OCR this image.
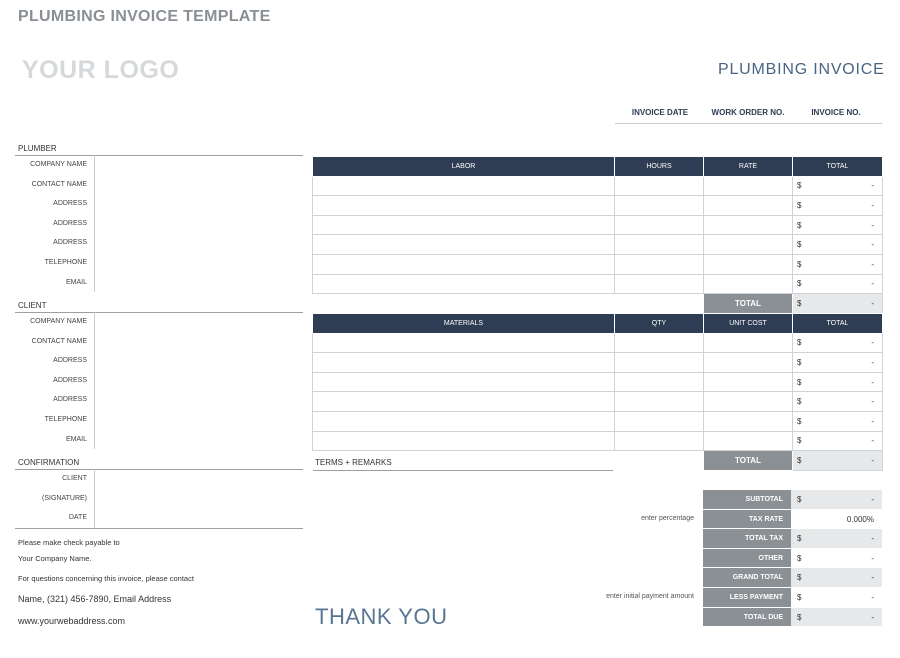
PLUMBING INVOICE TEMPLATE
YOUR LOGO	PLUMBING INVOICE
INVOICE DATE	WORK ORDER NO.	INVOICE NO.
PLUMBER
COMPANY NAME
CONTACT NAME
ADDRESS
ADDRESS
ADDRESS
TELEPHONE
EMAIL
CLIENT
COMPANY NAME
CONTACT NAME
ADDRESS
ADDRESS
ADDRESS
TELEPHONE
EMAIL
CONFIRMATION
CLIENT
(SIGNATURE)
DATE
LABOR	HOURS	RATE	TOTAL

			$ -

			$ -

			$ -

			$ -

			$ -

			$ -

		TOTAL	$ -
MATERIALS	QTY	UNIT COST	TOTAL

			$ -

			$ -

			$ -

			$ -

			$ -

			$ -

		TOTAL	$ -
TERMS + REMARKS
SUBTOTAL	$	-
TAX RATE	0.000%
enter percentage
TOTAL TAX	$	-
OTHER	$	-
GRAND TOTAL	$	-
LESS PAYMENT	$	-
enter initial payment amount
TOTAL DUE	$	-
Please make check payable to
Your Company Name.
For questions concerning this invoice, please contact
Name, (321) 456-7890, Email Address
www.yourwebaddress.com	THANK YOU
